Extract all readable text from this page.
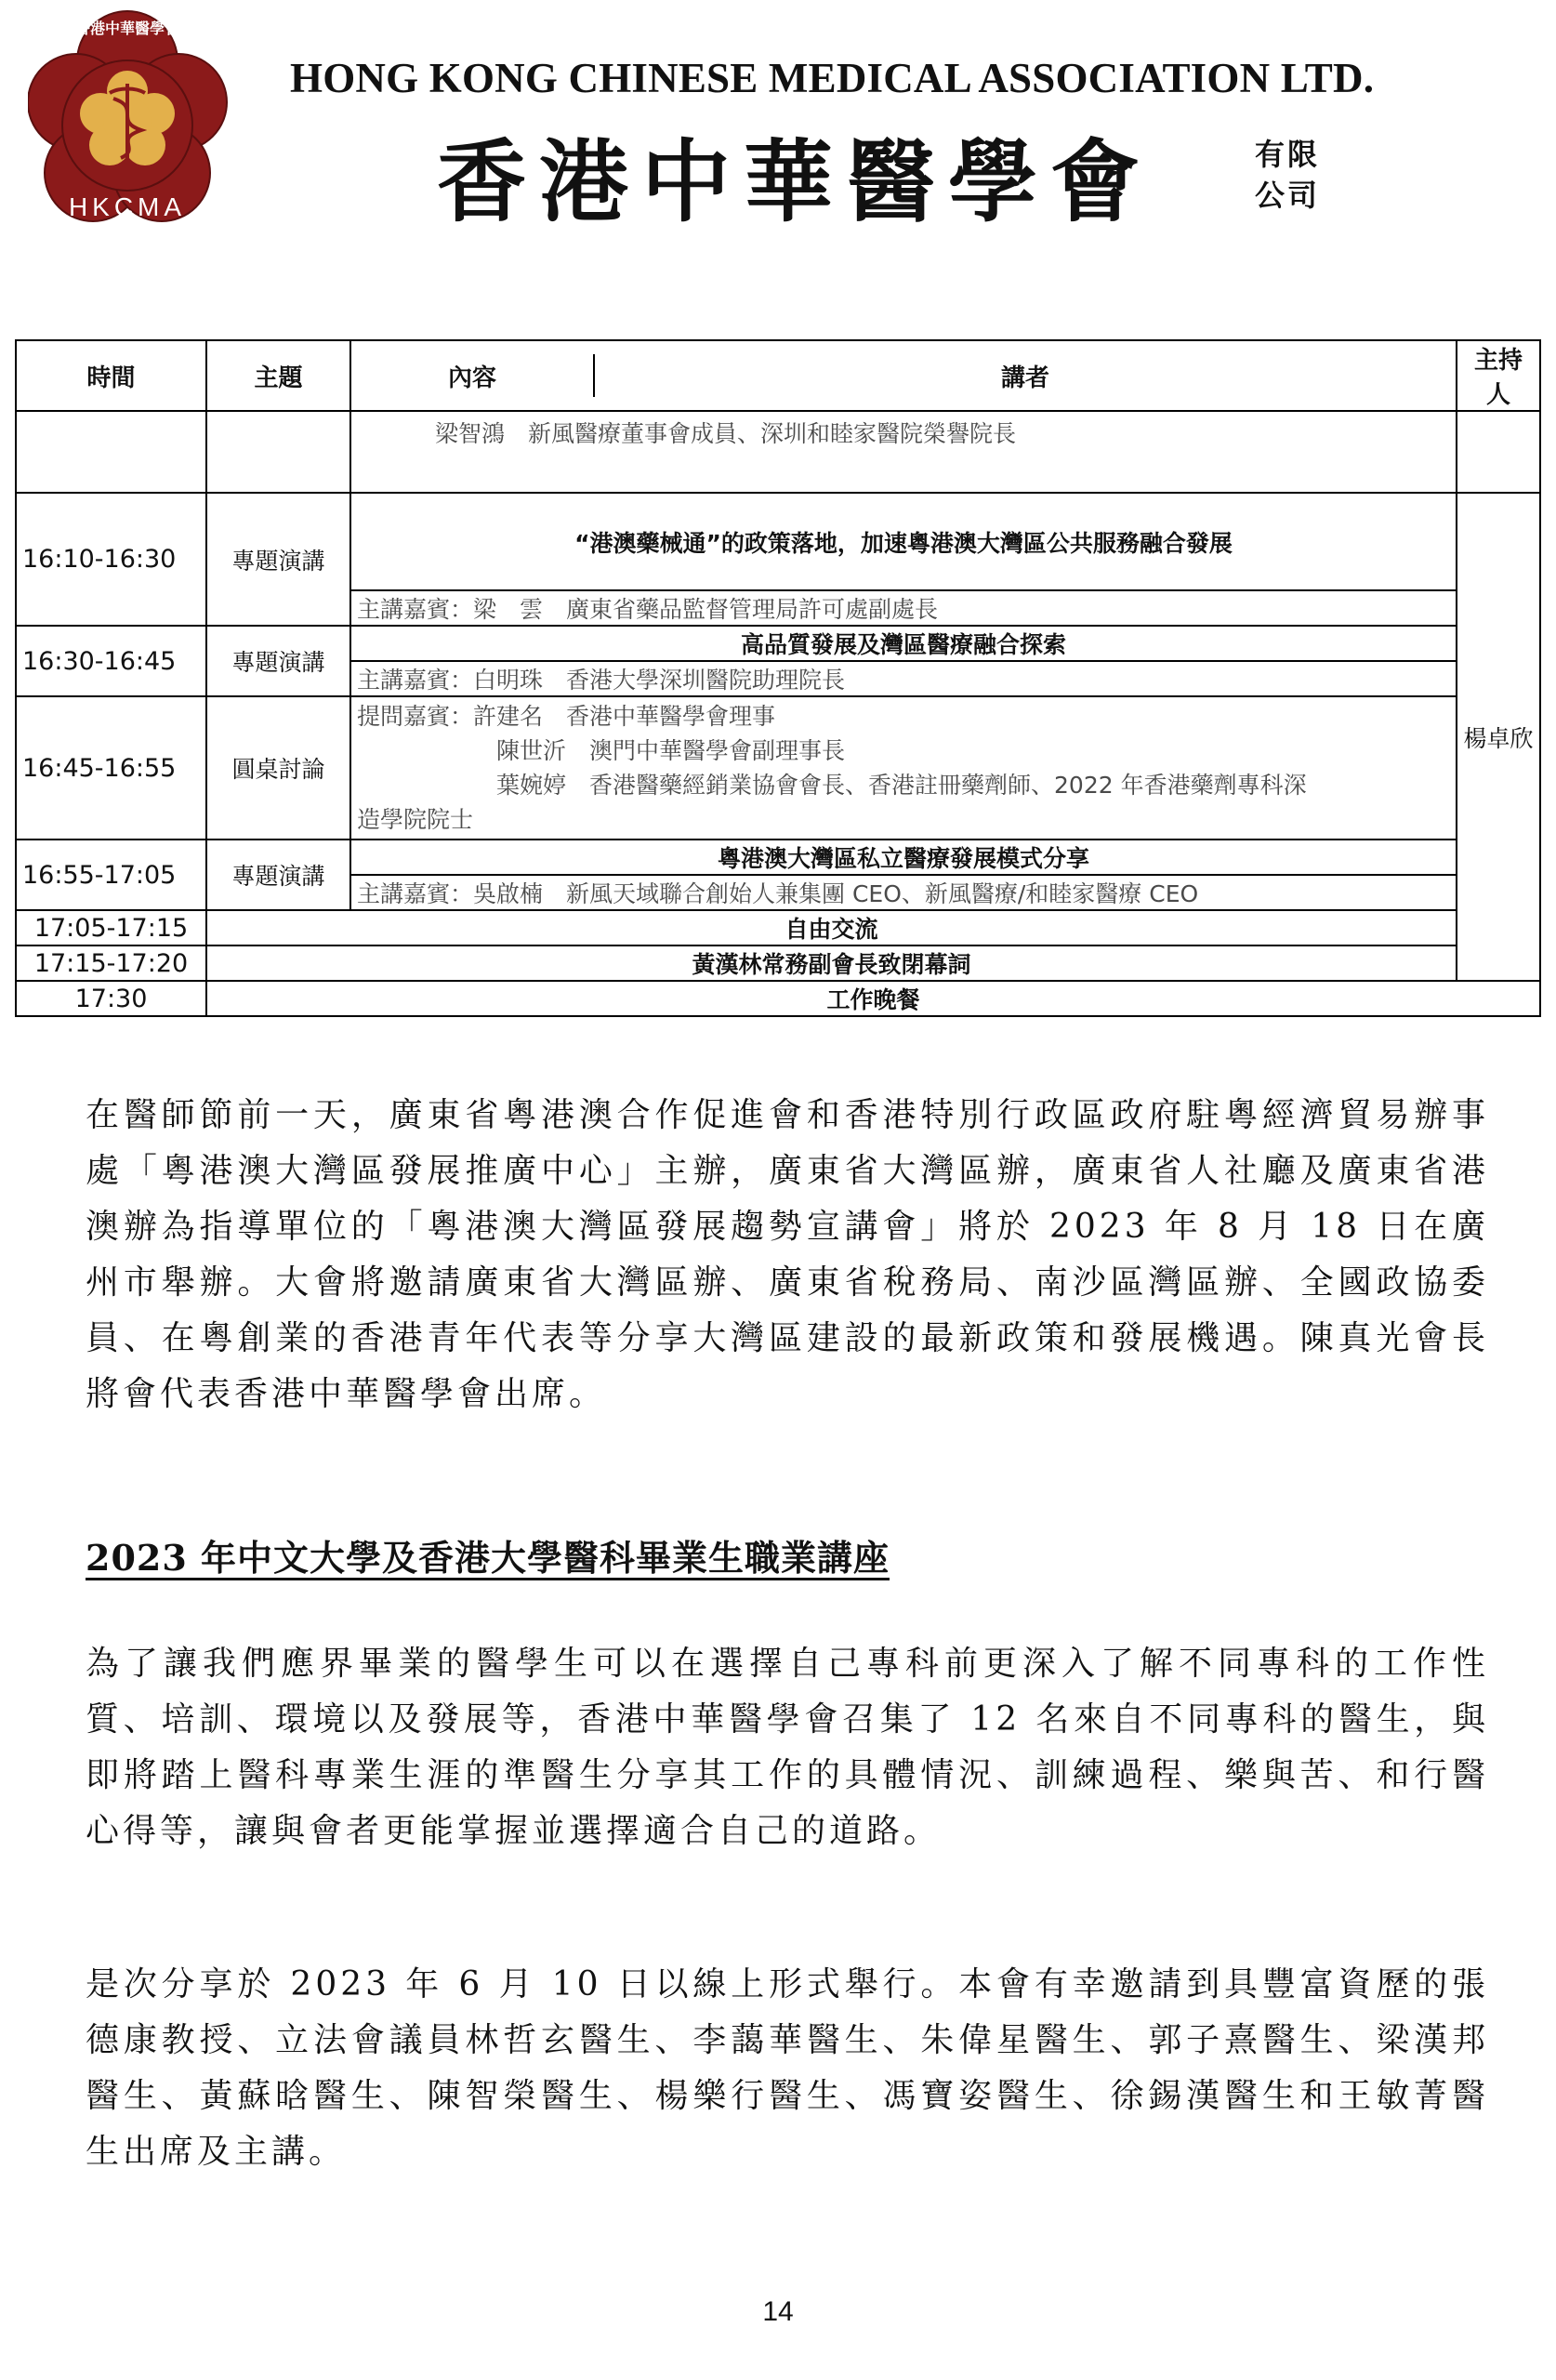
香港中華醫學會
HKCMA
HONG KONG CHINESE MEDICAL ASSOCIATION LTD.
香港中華醫學會	有限
公司
時間	主題	內容 講者	主持人
		梁智鴻　新風醫療董事會成員、深圳和睦家醫院榮譽院長	
16:10-16:30	專題演講	“港澳藥械通”的政策落地，加速粵港澳大灣區公共服務融合發展	楊卓欣
		主講嘉賓：梁　雲　廣東省藥品監督管理局許可處副處長	
16:30-16:45	專題演講	高品質發展及灣區醫療融合探索	
		主講嘉賓：白明珠　香港大學深圳醫院助理院長	
16:45-16:55	圓桌討論	提問嘉賓：許建名　香港中華醫學會理事
陳世沂　澳門中華醫學會副理事長
葉婉婷　香港醫藥經銷業協會會長、香港註冊藥劑師、2022 年香港藥劑專科深
造學院院士	

16:55-17:05	專題演講	粵港澳大灣區私立醫療發展模式分享	
		主講嘉賓：吳啟楠　新風天域聯合創始人兼集團 CEO、新風醫療/和睦家醫療 CEO	
17:05-17:15	自由交流		
17:15-17:20	黃漢林常務副會長致閉幕詞		
17:30	工作晚餐		

在醫師節前一天，廣東省粵港澳合作促進會和香港特別行政區政府駐粵經濟貿易辦事處「粵港澳大灣區發展推廣中心」主辦，廣東省大灣區辦，廣東省人社廳及廣東省港澳辦為指導單位的「粵港澳大灣區發展趨勢宣講會」將於 2023 年 8 月 18 日在廣州市舉辦。大會將邀請廣東省大灣區辦、廣東省稅務局、南沙區灣區辦、全國政協委員、在粵創業的香港青年代表等分享大灣區建設的最新政策和發展機遇。陳真光會長將會代表香港中華醫學會出席。

2023 年中文大學及香港大學醫科畢業生職業講座

為了讓我們應界畢業的醫學生可以在選擇自己專科前更深入了解不同專科的工作性質、培訓、環境以及發展等，香港中華醫學會召集了 12 名來自不同專科的醫生，與即將踏上醫科專業生涯的準醫生分享其工作的具體情況、訓練過程、樂與苦、和行醫心得等，讓與會者更能掌握並選擇適合自己的道路。

是次分享於 2023 年 6 月 10 日以線上形式舉行。本會有幸邀請到具豐富資歷的張德康教授、立法會議員林哲玄醫生、李藹華醫生、朱偉星醫生、郭子熹醫生、梁漢邦醫生、黃蘇晗醫生、陳智榮醫生、楊樂行醫生、馮寶姿醫生、徐錫漢醫生和王敏菁醫生出席及主講。

14
